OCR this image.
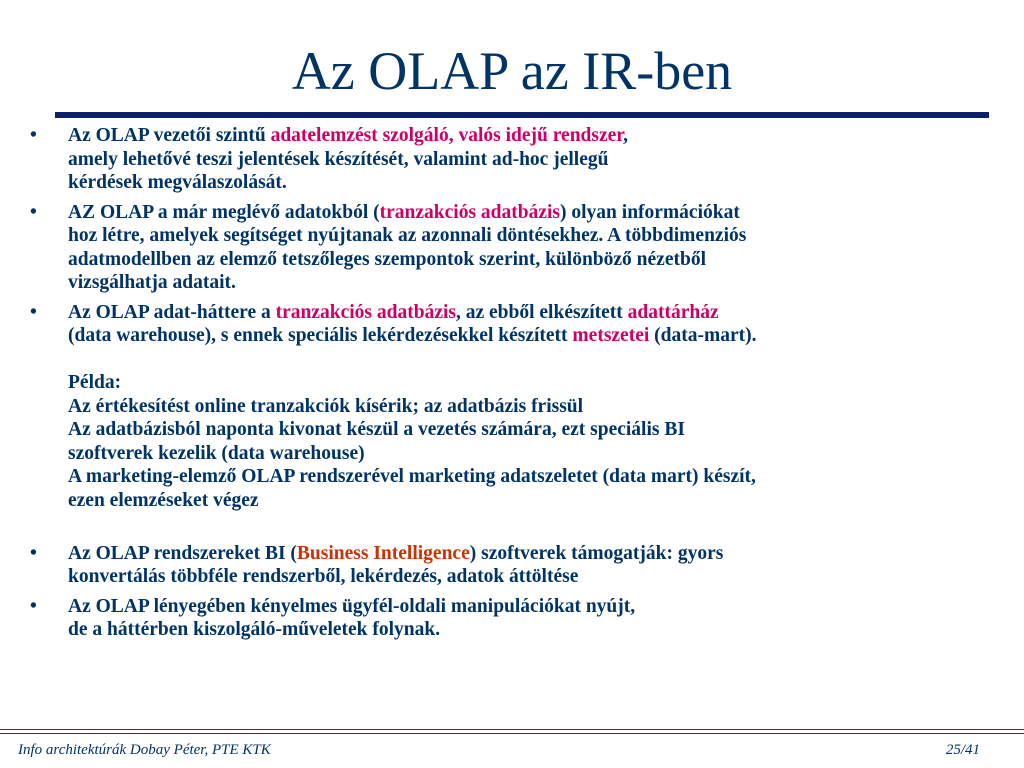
Az OLAP az IR-ben
•	Az OLAP vezetői szintű adatelemzést szolgáló, valós idejű rendszer,
amely lehetővé teszi jelentések készítését, valamint ad-hoc jellegű
kérdések megválaszolását.
•	AZ OLAP a már meglévő adatokból (tranzakciós adatbázis) olyan információkat
hoz létre, amelyek segítséget nyújtanak az azonnali döntésekhez. A többdimenziós
adatmodellben az elemző tetszőleges szempontok szerint, különböző nézetből
vizsgálhatja adatait.
•	Az OLAP adat-háttere a tranzakciós adatbázis, az ebből elkészített adattárház
(data warehouse), s ennek speciális lekérdezésekkel készített metszetei (data-mart).
Példa:
Az értékesítést online tranzakciók kísérik; az adatbázis frissül
Az adatbázisból naponta kivonat készül a vezetés számára, ezt speciális BI
szoftverek kezelik (data warehouse)
A marketing-elemző OLAP rendszerével marketing adatszeletet (data mart) készít,
ezen elemzéseket végez
•	Az OLAP rendszereket BI (Business Intelligence) szoftverek támogatják: gyors
konvertálás többféle rendszerből, lekérdezés, adatok áttöltése
•	Az OLAP lényegében kényelmes ügyfél-oldali manipulációkat nyújt,
de a háttérben kiszolgáló-műveletek folynak.
Info architektúrák Dobay Péter, PTE KTK	25/41
